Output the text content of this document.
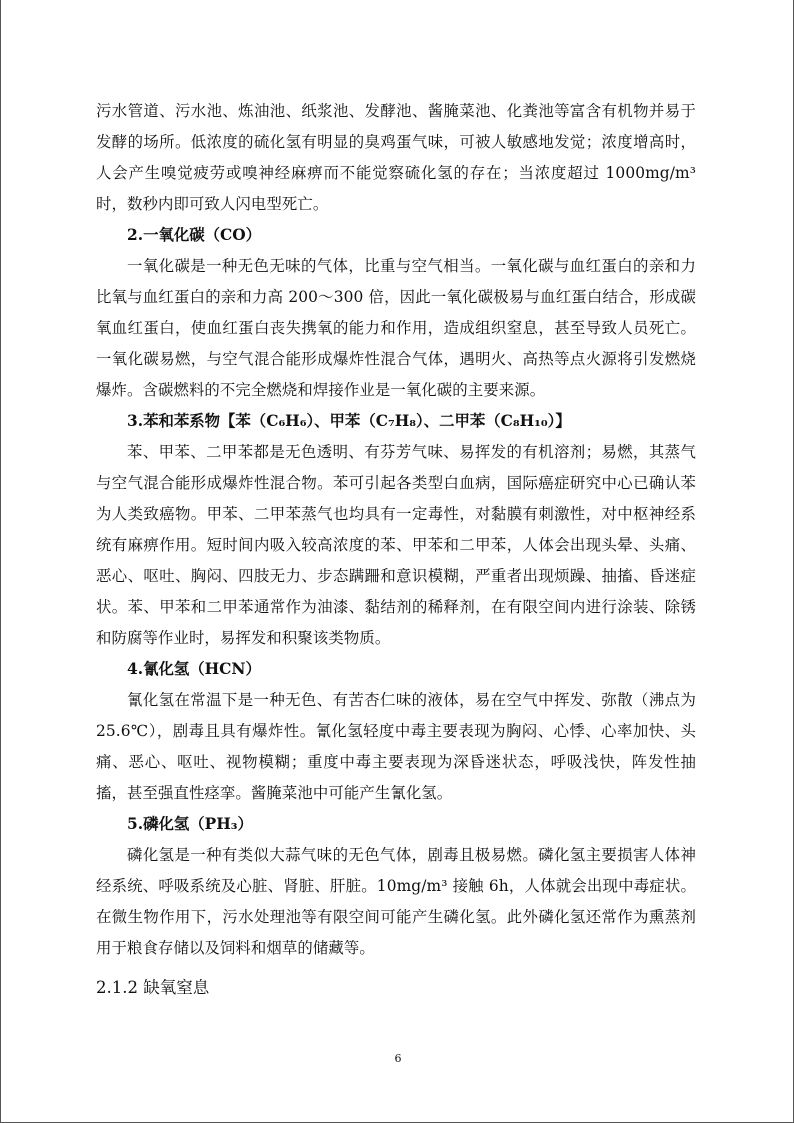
污水管道、污水池、炼油池、纸浆池、发酵池、酱腌菜池、化粪池等富含有机物并易于发酵的场所。低浓度的硫化氢有明显的臭鸡蛋气味，可被人敏感地发觉；浓度增高时，人会产生嗅觉疲劳或嗅神经麻痹而不能觉察硫化氢的存在；当浓度超过 1000mg/m³ 时，数秒内即可致人闪电型死亡。

2.一氧化碳（CO）

一氧化碳是一种无色无味的气体，比重与空气相当。一氧化碳与血红蛋白的亲和力比氧与血红蛋白的亲和力高 200～300 倍，因此一氧化碳极易与血红蛋白结合，形成碳氧血红蛋白，使血红蛋白丧失携氧的能力和作用，造成组织窒息，甚至导致人员死亡。一氧化碳易燃，与空气混合能形成爆炸性混合气体，遇明火、高热等点火源将引发燃烧爆炸。含碳燃料的不完全燃烧和焊接作业是一氧化碳的主要来源。

3.苯和苯系物【苯（C₆H₆）、甲苯（C₇H₈）、二甲苯（C₈H₁₀）】

苯、甲苯、二甲苯都是无色透明、有芬芳气味、易挥发的有机溶剂；易燃，其蒸气与空气混合能形成爆炸性混合物。苯可引起各类型白血病，国际癌症研究中心已确认苯为人类致癌物。甲苯、二甲苯蒸气也均具有一定毒性，对黏膜有刺激性，对中枢神经系统有麻痹作用。短时间内吸入较高浓度的苯、甲苯和二甲苯，人体会出现头晕、头痛、恶心、呕吐、胸闷、四肢无力、步态蹒跚和意识模糊，严重者出现烦躁、抽搐、昏迷症状。苯、甲苯和二甲苯通常作为油漆、黏结剂的稀释剂，在有限空间内进行涂装、除锈和防腐等作业时，易挥发和积聚该类物质。

4.氰化氢（HCN）

氰化氢在常温下是一种无色、有苦杏仁味的液体，易在空气中挥发、弥散（沸点为 25.6℃），剧毒且具有爆炸性。氰化氢轻度中毒主要表现为胸闷、心悸、心率加快、头痛、恶心、呕吐、视物模糊；重度中毒主要表现为深昏迷状态，呼吸浅快，阵发性抽搐，甚至强直性痉挛。酱腌菜池中可能产生氰化氢。

5.磷化氢（PH₃）

磷化氢是一种有类似大蒜气味的无色气体，剧毒且极易燃。磷化氢主要损害人体神经系统、呼吸系统及心脏、肾脏、肝脏。10mg/m³ 接触 6h，人体就会出现中毒症状。在微生物作用下，污水处理池等有限空间可能产生磷化氢。此外磷化氢还常作为熏蒸剂用于粮食存储以及饲料和烟草的储藏等。

2.1.2 缺氧窒息
6
